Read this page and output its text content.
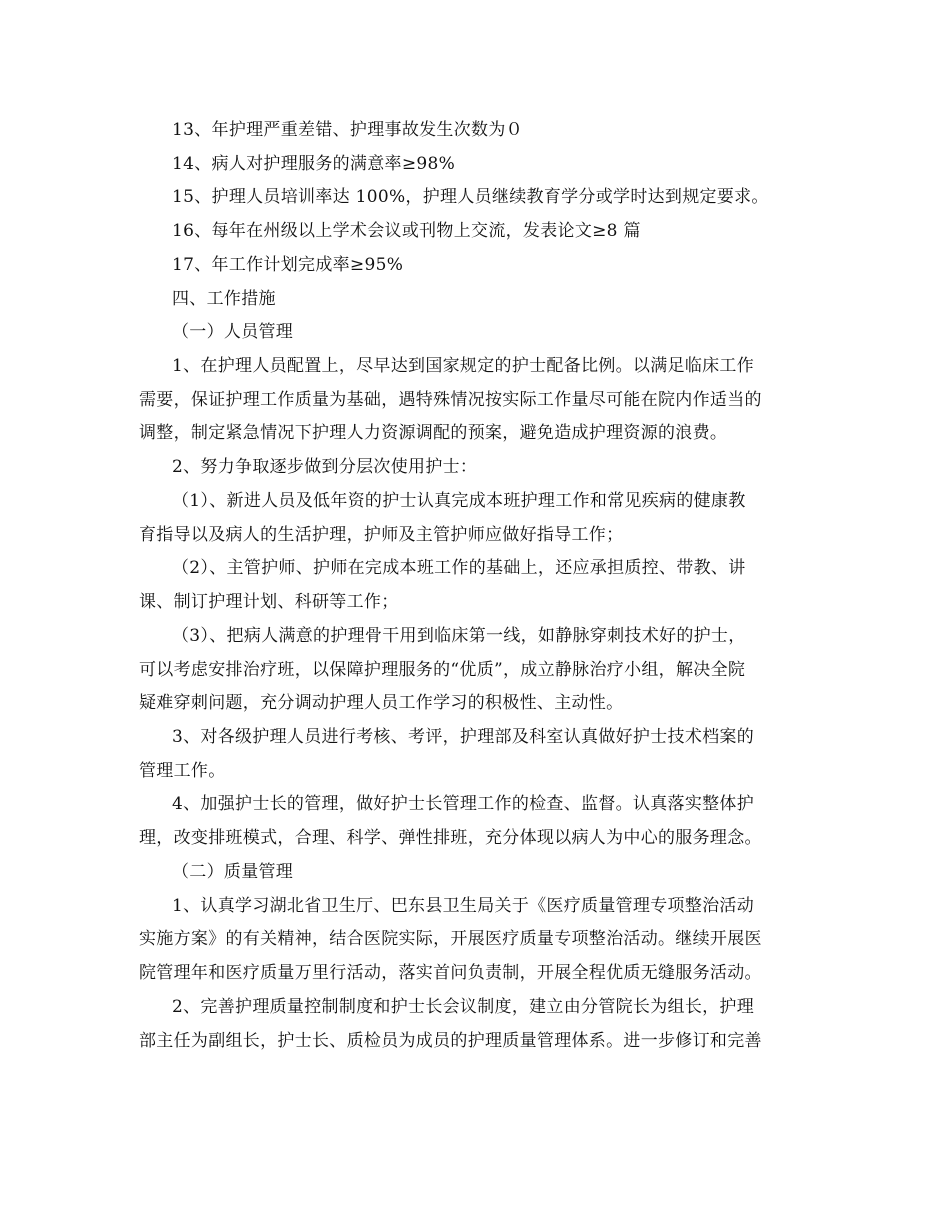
13、年护理严重差错、护理事故发生次数为０
14、病人对护理服务的满意率≥98%
15、护理人员培训率达 100%，护理人员继续教育学分或学时达到规定要求。
16、每年在州级以上学术会议或刊物上交流，发表论文≥8 篇
17、年工作计划完成率≥95%
四、工作措施
（一）人员管理
1、在护理人员配置上，尽早达到国家规定的护士配备比例。以满足临床工作
需要，保证护理工作质量为基础，遇特殊情况按实际工作量尽可能在院内作适当的
调整，制定紧急情况下护理人力资源调配的预案，避免造成护理资源的浪费。
2、努力争取逐步做到分层次使用护士：
（1）、新进人员及低年资的护士认真完成本班护理工作和常见疾病的健康教
育指导以及病人的生活护理，护师及主管护师应做好指导工作；
（2）、主管护师、护师在完成本班工作的基础上，还应承担质控、带教、讲
课、制订护理计划、科研等工作；
（3）、把病人满意的护理骨干用到临床第一线，如静脉穿刺技术好的护士，
可以考虑安排治疗班，以保障护理服务的“优质”，成立静脉治疗小组，解决全院
疑难穿刺问题，充分调动护理人员工作学习的积极性、主动性。
3、对各级护理人员进行考核、考评，护理部及科室认真做好护士技术档案的
管理工作。
4、加强护士长的管理，做好护士长管理工作的检查、监督。认真落实整体护
理，改变排班模式，合理、科学、弹性排班，充分体现以病人为中心的服务理念。
（二）质量管理
1、认真学习湖北省卫生厅、巴东县卫生局关于《医疗质量管理专项整治活动
实施方案》的有关精神，结合医院实际，开展医疗质量专项整治活动。继续开展医
院管理年和医疗质量万里行活动，落实首问负责制，开展全程优质无缝服务活动。
2、完善护理质量控制制度和护士长会议制度，建立由分管院长为组长，护理
部主任为副组长，护士长、质检员为成员的护理质量管理体系。进一步修订和完善
